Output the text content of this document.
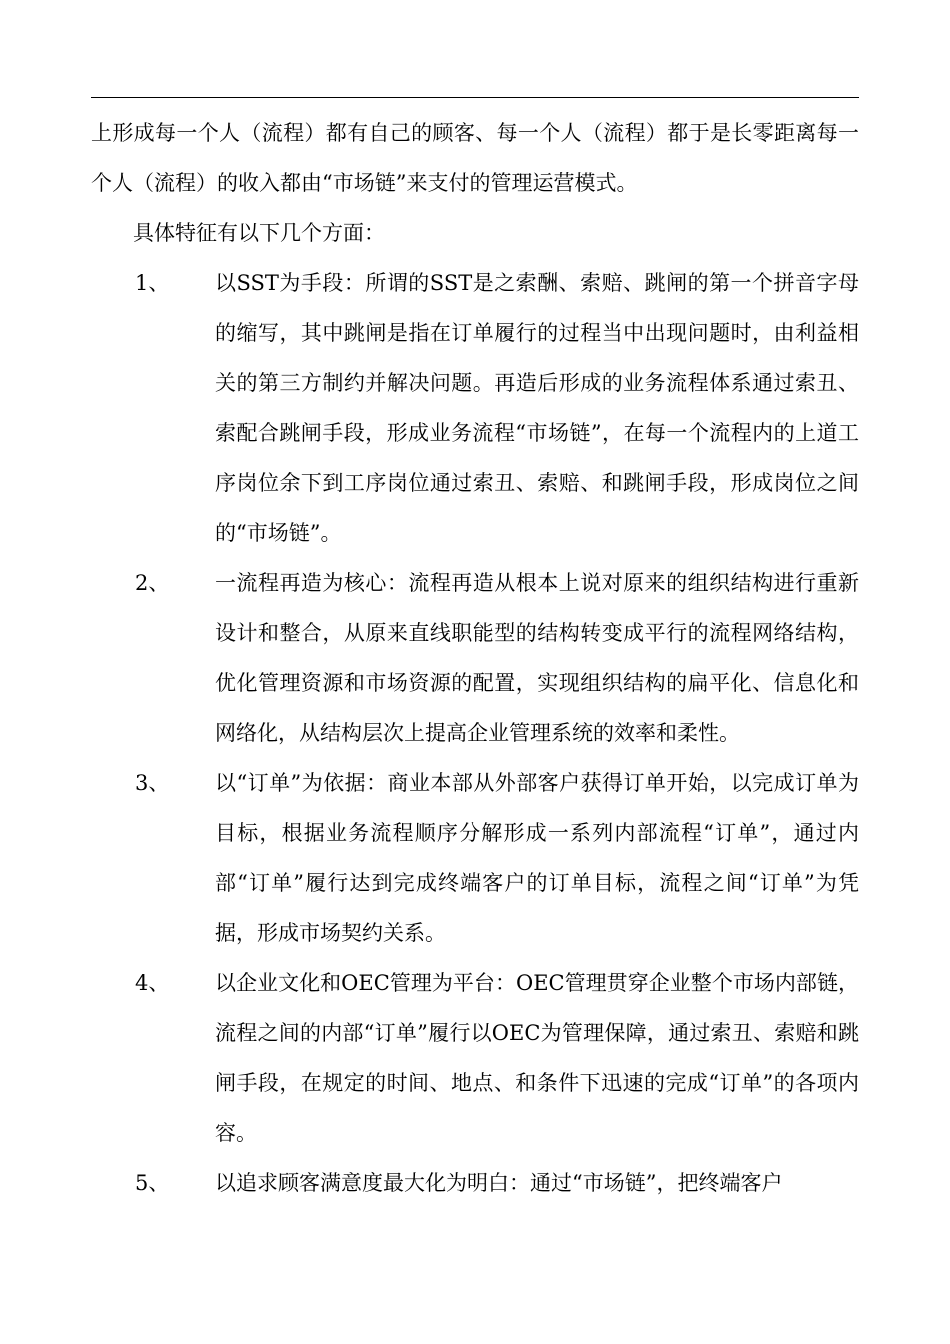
上形成每一个人（流程）都有自己的顾客、每一个人（流程）都于是长零距离每一个人（流程）的收入都由“市场链”来支付的管理运营模式。

具体特征有以下几个方面：

1、	以SST为手段：所谓的SST是之索酬、索赔、跳闸的第一个拼音字母的缩写，其中跳闸是指在订单履行的过程当中出现问题时，由利益相关的第三方制约并解决问题。再造后形成的业务流程体系通过索丑、索配合跳闸手段，形成业务流程“市场链”，在每一个流程内的上道工序岗位余下到工序岗位通过索丑、索赔、和跳闸手段，形成岗位之间的“市场链”。
2、	一流程再造为核心：流程再造从根本上说对原来的组织结构进行重新设计和整合，从原来直线职能型的结构转变成平行的流程网络结构，优化管理资源和市场资源的配置，实现组织结构的扁平化、信息化和网络化，从结构层次上提高企业管理系统的效率和柔性。
3、	以“订单”为依据：商业本部从外部客户获得订单开始，以完成订单为目标，根据业务流程顺序分解形成一系列内部流程“订单”，通过内部“订单”履行达到完成终端客户的订单目标，流程之间“订单”为凭据，形成市场契约关系。
4、	以企业文化和OEC管理为平台：OEC管理贯穿企业整个市场内部链，流程之间的内部“订单”履行以OEC为管理保障，通过索丑、索赔和跳闸手段，在规定的时间、地点、和条件下迅速的完成“订单”的各项内容。
5、	以追求顾客满意度最大化为明白：通过“市场链”，把终端客户
